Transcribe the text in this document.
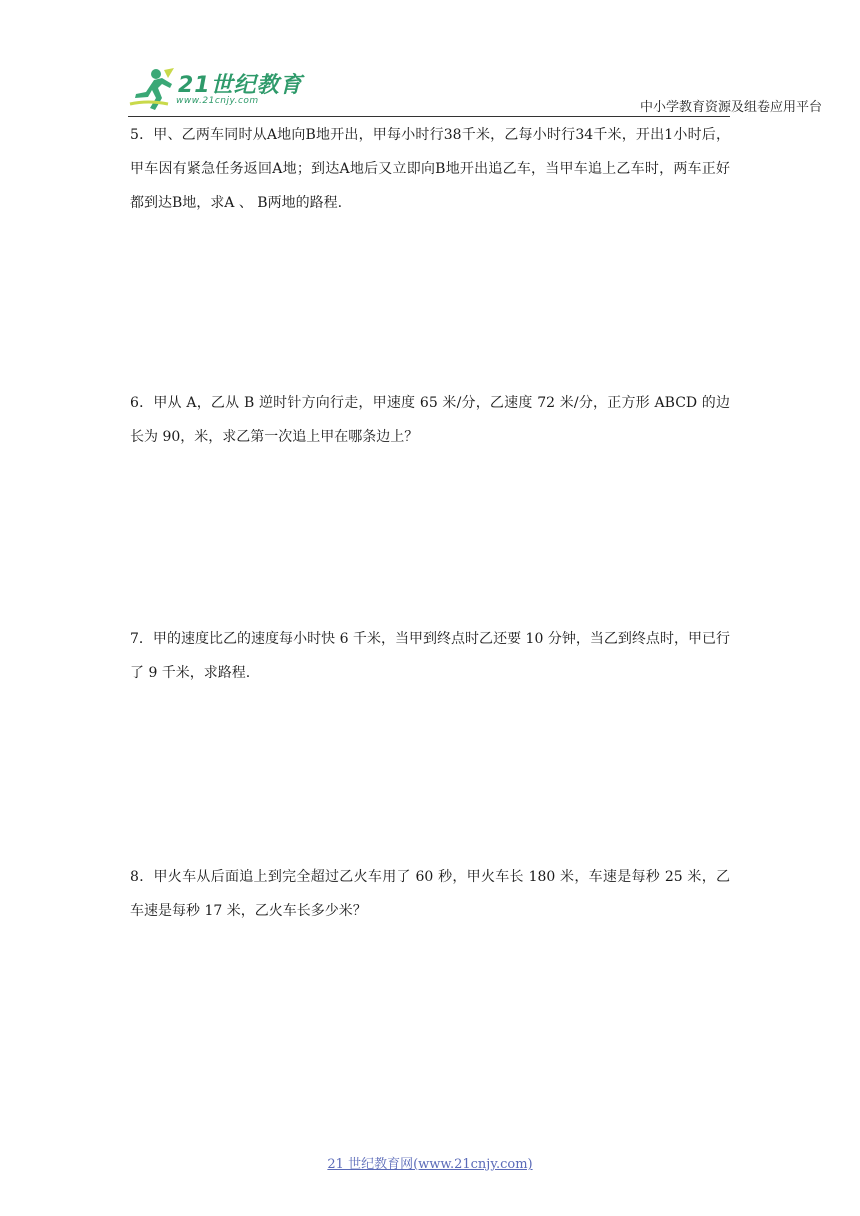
21世纪教育
www.21cnjy.com	中小学教育资源及组卷应用平台

5．甲、乙两车同时从A地向B地开出，甲每小时行38千米，乙每小时行34千米，开出1小时后，甲车因有紧急任务返回A地；到达A地后又立即向B地开出追乙车，当甲车追上乙车时，两车正好都到达B地，求A 、 B两地的路程.

6．甲从 A，乙从 B 逆时针方向行走，甲速度 65 米/分，乙速度 72 米/分，正方形 ABCD 的边长为 90，米，求乙第一次追上甲在哪条边上？

7．甲的速度比乙的速度每小时快 6 千米，当甲到终点时乙还要 10 分钟，当乙到终点时，甲已行了 9 千米，求路程.

8．甲火车从后面追上到完全超过乙火车用了 60 秒，甲火车长 180 米，车速是每秒 25 米，乙车速是每秒 17 米，乙火车长多少米？

21 世纪教育网(www.21cnjy.com)
